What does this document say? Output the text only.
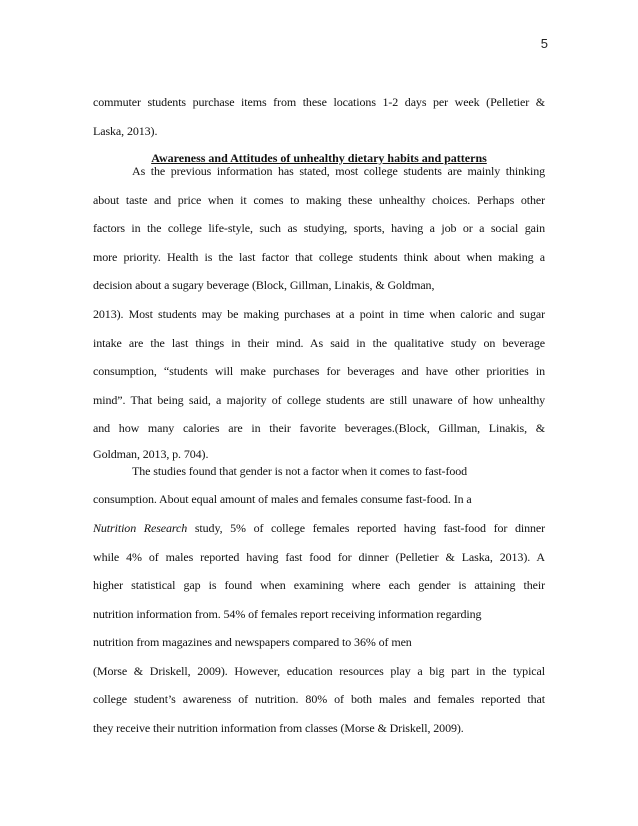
5
commuter students purchase items from these locations 1-2 days per week (Pelletier &
Laska, 2013).
Awareness and Attitudes of unhealthy dietary habits and patterns
As the previous information has stated, most college students are mainly thinking
about taste and price when it comes to making these unhealthy choices. Perhaps other
factors in the college life-style, such as studying, sports, having a job or a social gain
more priority. Health is the last factor that college students think about when making a
decision about a sugary beverage (Block, Gillman, Linakis, & Goldman,
2013). Most students may be making purchases at a point in time when caloric and sugar
intake are the last things in their mind. As said in the qualitative study on beverage
consumption, “students will make purchases for beverages and have other priorities in
mind”. That being said, a majority of college students are still unaware of how unhealthy
and how many calories are in their favorite beverages.(Block, Gillman, Linakis, &
Goldman, 2013, p. 704).
The studies found that gender is not a factor when it comes to fast-food
consumption. About equal amount of males and females consume fast-food. In a
Nutrition Research study, 5% of college females reported having fast-food for dinner
while 4% of males reported having fast food for dinner (Pelletier & Laska, 2013). A
higher statistical gap is found when examining where each gender is attaining their
nutrition information from. 54% of females report receiving information regarding
nutrition from magazines and newspapers compared to 36% of men
(Morse & Driskell, 2009). However, education resources play a big part in the typical
college student’s awareness of nutrition. 80% of both males and females reported that
they receive their nutrition information from classes (Morse & Driskell, 2009).
